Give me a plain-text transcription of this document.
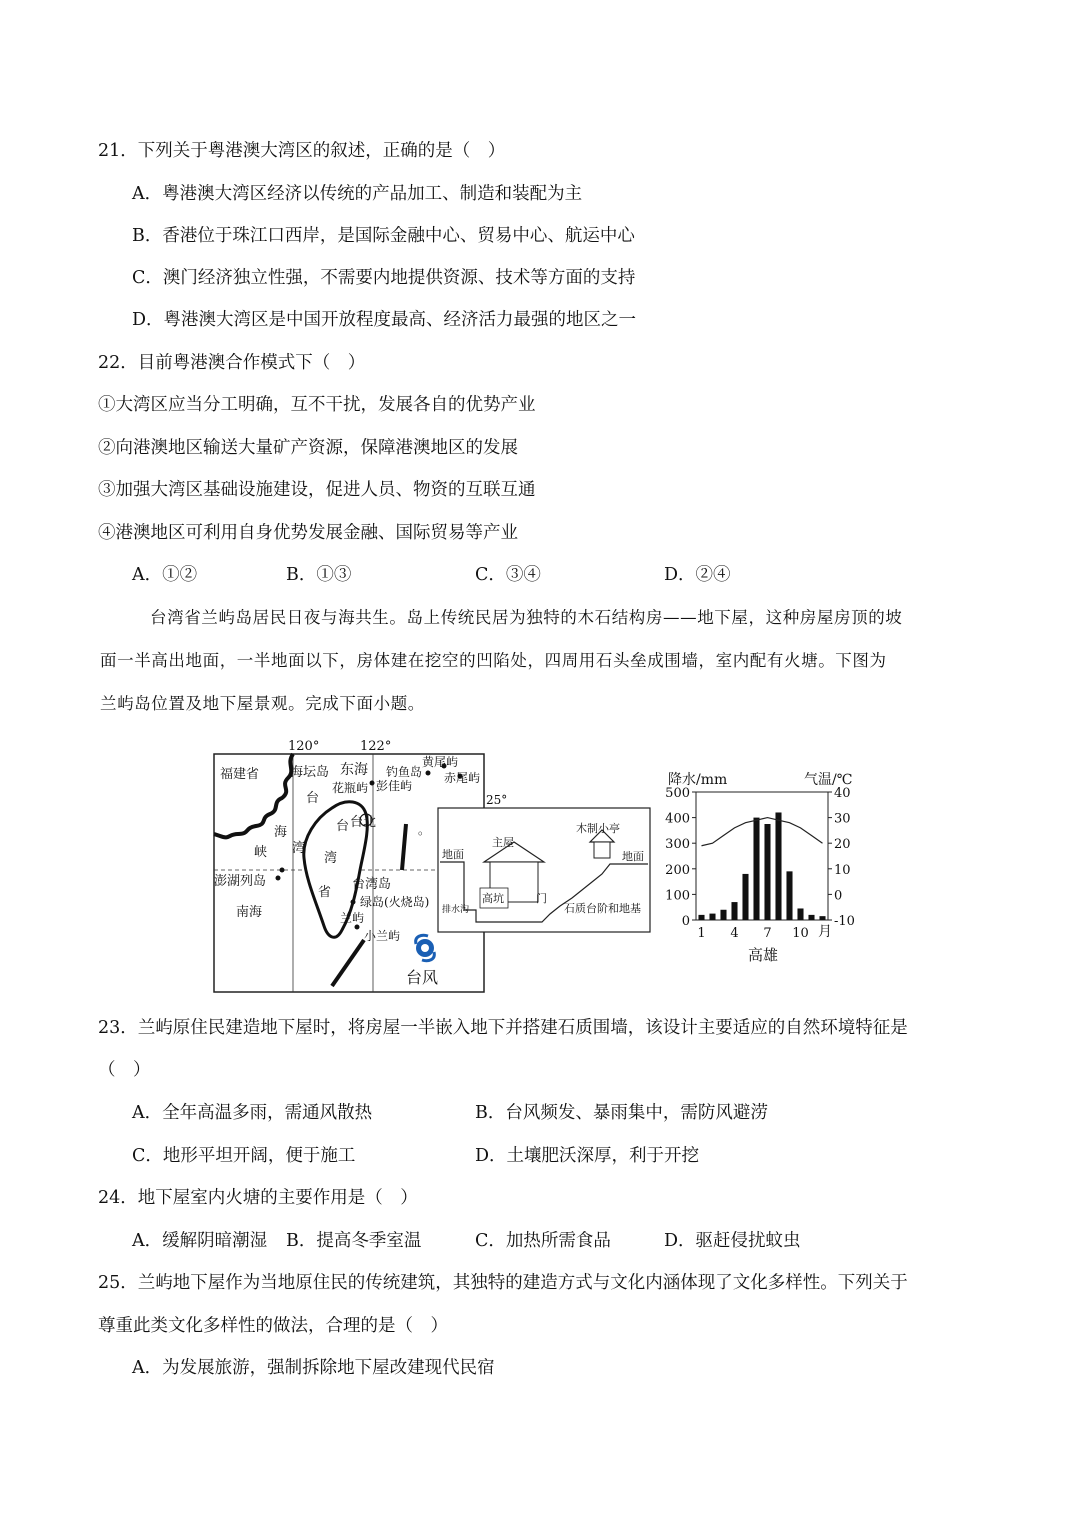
21．下列关于粤港澳大湾区的叙述，正确的是（　）
A．粤港澳大湾区经济以传统的产品加工、制造和装配为主
B．香港位于珠江口西岸，是国际金融中心、贸易中心、航运中心
C．澳门经济独立性强，不需要内地提供资源、技术等方面的支持
D．粤港澳大湾区是中国开放程度最高、经济活力最强的地区之一
22．目前粤港澳合作模式下（　）
①大湾区应当分工明确，互不干扰，发展各自的优势产业
②向港澳地区输送大量矿产资源，保障港澳地区的发展
③加强大湾区基础设施建设，促进人员、物资的互联互通
④港澳地区可利用自身优势发展金融、国际贸易等产业
A．①②	B．①③	C．③④	D．②④
台湾省兰屿岛居民日夜与海共生。岛上传统民居为独特的木石结构房——地下屋，这种房屋房顶的坡
面一半高出地面，一半地面以下，房体建在挖空的凹陷处，四周用石头垒成围墙，室内配有火塘。下图为
兰屿岛位置及地下屋景观。完成下面小题。
120°	122°
25°
。
福建省 海坛岛 东海 钓鱼岛
黄尾屿
赤尾屿
花瓶屿 彭佳屿
台
湾
台北
海
峡
台
湾
省
澎湖列岛
南海
台湾岛
绿岛(火烧岛)
兰屿
小兰屿
台风
主屋
木制小亭
地面	地面
高坑	门
排水沟	石质台阶和地基
降水/mm	气温/℃
高雄
月
0
100
200
300
400
500
-10
0
10
20
30
40
1 4 7 10
23．兰屿原住民建造地下屋时，将房屋一半嵌入地下并搭建石质围墙，该设计主要适应的自然环境特征是
（　）
A．全年高温多雨，需通风散热	B．台风频发、暴雨集中，需防风避涝
C．地形平坦开阔，便于施工	D．土壤肥沃深厚，利于开挖
24．地下屋室内火塘的主要作用是（　）
A．缓解阴暗潮湿 B．提高冬季室温	C．加热所需食品	D．驱赶侵扰蚊虫
25．兰屿地下屋作为当地原住民的传统建筑，其独特的建造方式与文化内涵体现了文化多样性。下列关于
尊重此类文化多样性的做法，合理的是（　）
A．为发展旅游，强制拆除地下屋改建现代民宿
